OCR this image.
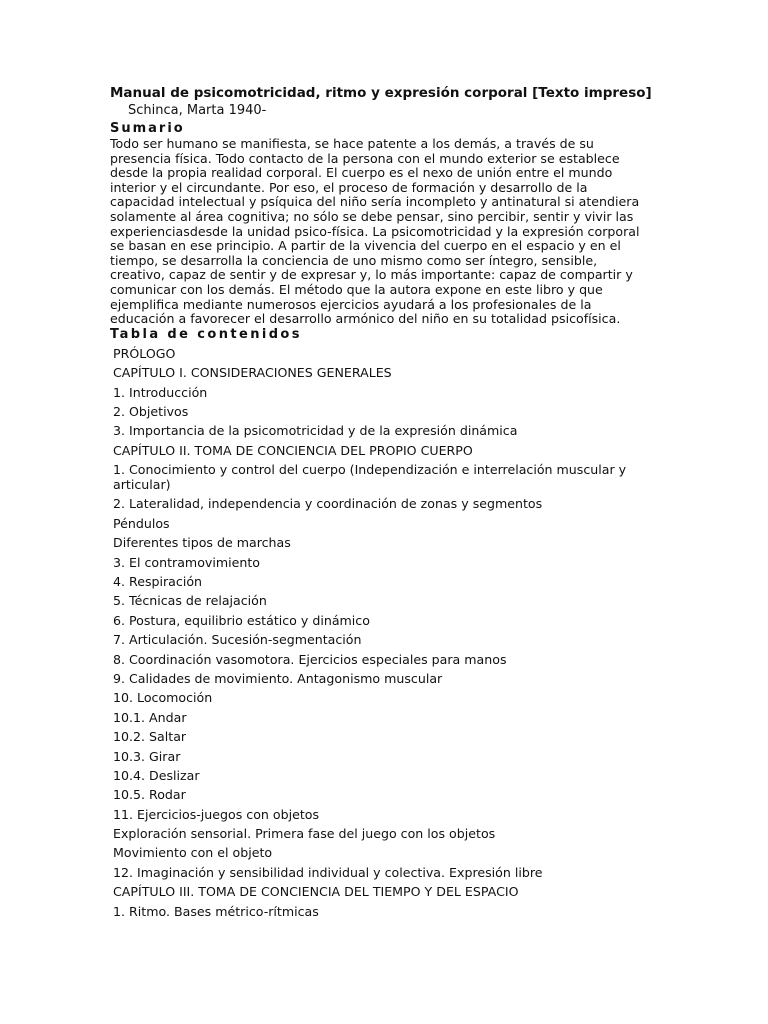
Manual de psicomotricidad, ritmo y expresión corporal [Texto impreso]

Schinca, Marta 1940-

Sumario

Todo ser humano se manifiesta, se hace patente a los demás, a través de su presencia física. Todo contacto de la persona con el mundo exterior se establece desde la propia realidad corporal. El cuerpo es el nexo de unión entre el mundo interior y el circundante. Por eso, el proceso de formación y desarrollo de la capacidad intelectual y psíquica del niño sería incompleto y antinatural si atendiera solamente al área cognitiva; no sólo se debe pensar, sino percibir, sentir y vivir las experienciasdesde la unidad psico-física. La psicomotricidad y la expresión corporal se basan en ese principio. A partir de la vivencia del cuerpo en el espacio y en el tiempo, se desarrolla la conciencia de uno mismo como ser íntegro, sensible, creativo, capaz de sentir y de expresar y, lo más importante: capaz de compartir y comunicar con los demás. El método que la autora expone en este libro y que ejemplifica mediante numerosos ejercicios ayudará a los profesionales de la educación a favorecer el desarrollo armónico del niño en su totalidad psicofísica.

Tabla de contenidos
PRÓLOGO
CAPÍTULO I. CONSIDERACIONES GENERALES
1. Introducción
2. Objetivos
3. Importancia de la psicomotricidad y de la expresión dinámica
CAPÍTULO II. TOMA DE CONCIENCIA DEL PROPIO CUERPO
1. Conocimiento y control del cuerpo (Independización e interrelación muscular y articular)
2. Lateralidad, independencia y coordinación de zonas y segmentos
Péndulos
Diferentes tipos de marchas
3. El contramovimiento
4. Respiración
5. Técnicas de relajación
6. Postura, equilibrio estático y dinámico
7. Articulación. Sucesión-segmentación
8. Coordinación vasomotora. Ejercicios especiales para manos
9. Calidades de movimiento. Antagonismo muscular
10. Locomoción
10.1. Andar
10.2. Saltar
10.3. Girar
10.4. Deslizar
10.5. Rodar
11. Ejercicios-juegos con objetos
Exploración sensorial. Primera fase del juego con los objetos
Movimiento con el objeto
12. Imaginación y sensibilidad individual y colectiva. Expresión libre
CAPÍTULO III. TOMA DE CONCIENCIA DEL TIEMPO Y DEL ESPACIO
1. Ritmo. Bases métrico-rítmicas
